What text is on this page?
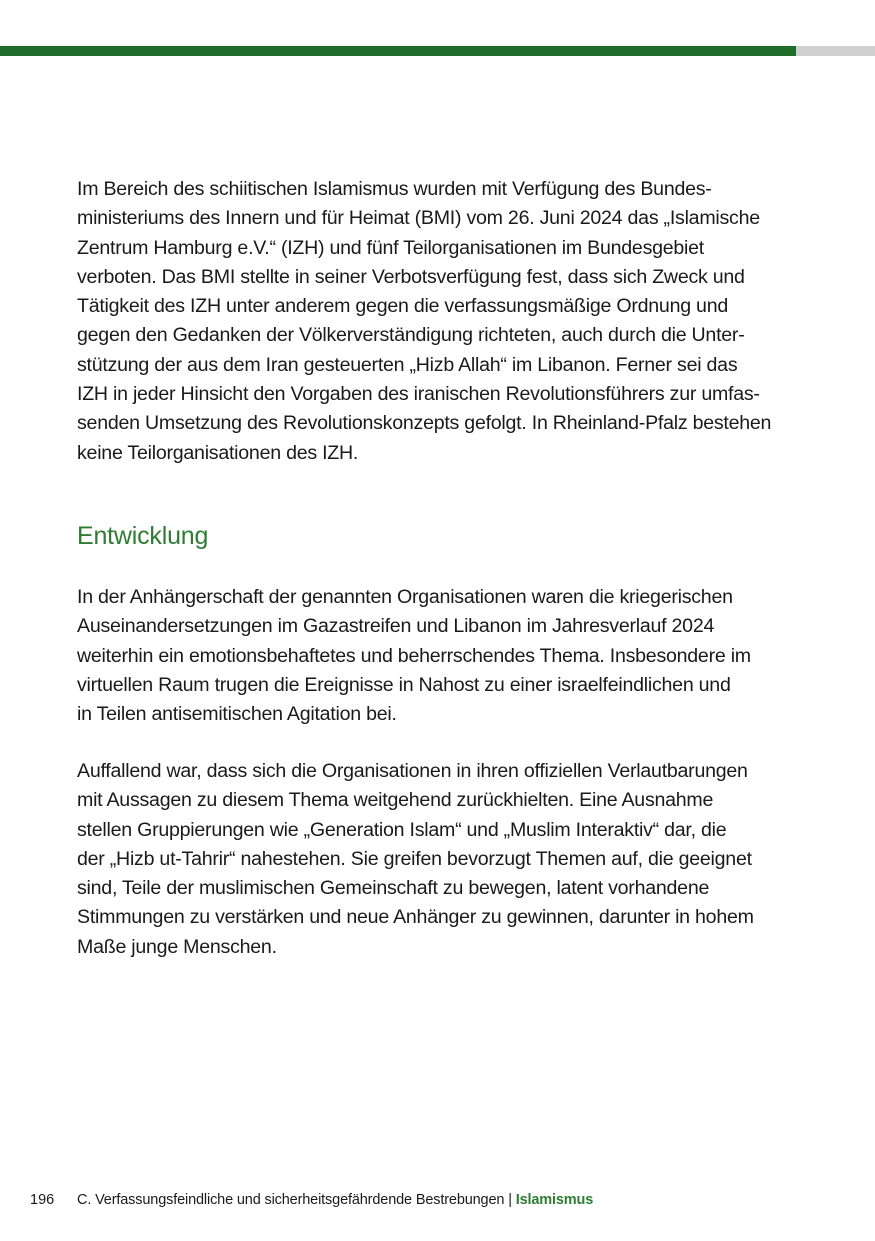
Im Bereich des schiitischen Islamismus wurden mit Verfügung des Bundes-
ministeriums des Innern und für Heimat (BMI) vom 26. Juni 2024 das „Islamische
Zentrum Hamburg e.V.“ (IZH) und fünf Teilorganisationen im Bundesgebiet
verboten. Das BMI stellte in seiner Verbotsverfügung fest, dass sich Zweck und
Tätigkeit des IZH unter anderem gegen die verfassungsmäßige Ordnung und
gegen den Gedanken der Völkerverständigung richteten, auch durch die Unter-
stützung der aus dem Iran gesteuerten „Hizb Allah“ im Libanon. Ferner sei das
IZH in jeder Hinsicht den Vorgaben des iranischen Revolutionsführers zur umfas-
senden Umsetzung des Revolutionskonzepts gefolgt. In Rheinland-Pfalz bestehen
keine Teilorganisationen des IZH.
Entwicklung
In der Anhängerschaft der genannten Organisationen waren die kriegerischen
Auseinandersetzungen im Gazastreifen und Libanon im Jahresverlauf 2024
weiterhin ein emotionsbehaftetes und beherrschendes Thema. Insbesondere im
virtuellen Raum trugen die Ereignisse in Nahost zu einer israelfeindlichen und
in Teilen antisemitischen Agitation bei.
Auffallend war, dass sich die Organisationen in ihren offiziellen Verlautbarungen
mit Aussagen zu diesem Thema weitgehend zurückhielten. Eine Ausnahme
stellen Gruppierungen wie „Generation Islam“ und „Muslim Interaktiv“ dar, die
der „Hizb ut-Tahrir“ nahestehen. Sie greifen bevorzugt Themen auf, die geeignet
sind, Teile der muslimischen Gemeinschaft zu bewegen, latent vorhandene
Stimmungen zu verstärken und neue Anhänger zu gewinnen, darunter in hohem
Maße junge Menschen.
196 C. Verfassungsfeindliche und sicherheitsgefährdende Bestrebungen | Islamismus
